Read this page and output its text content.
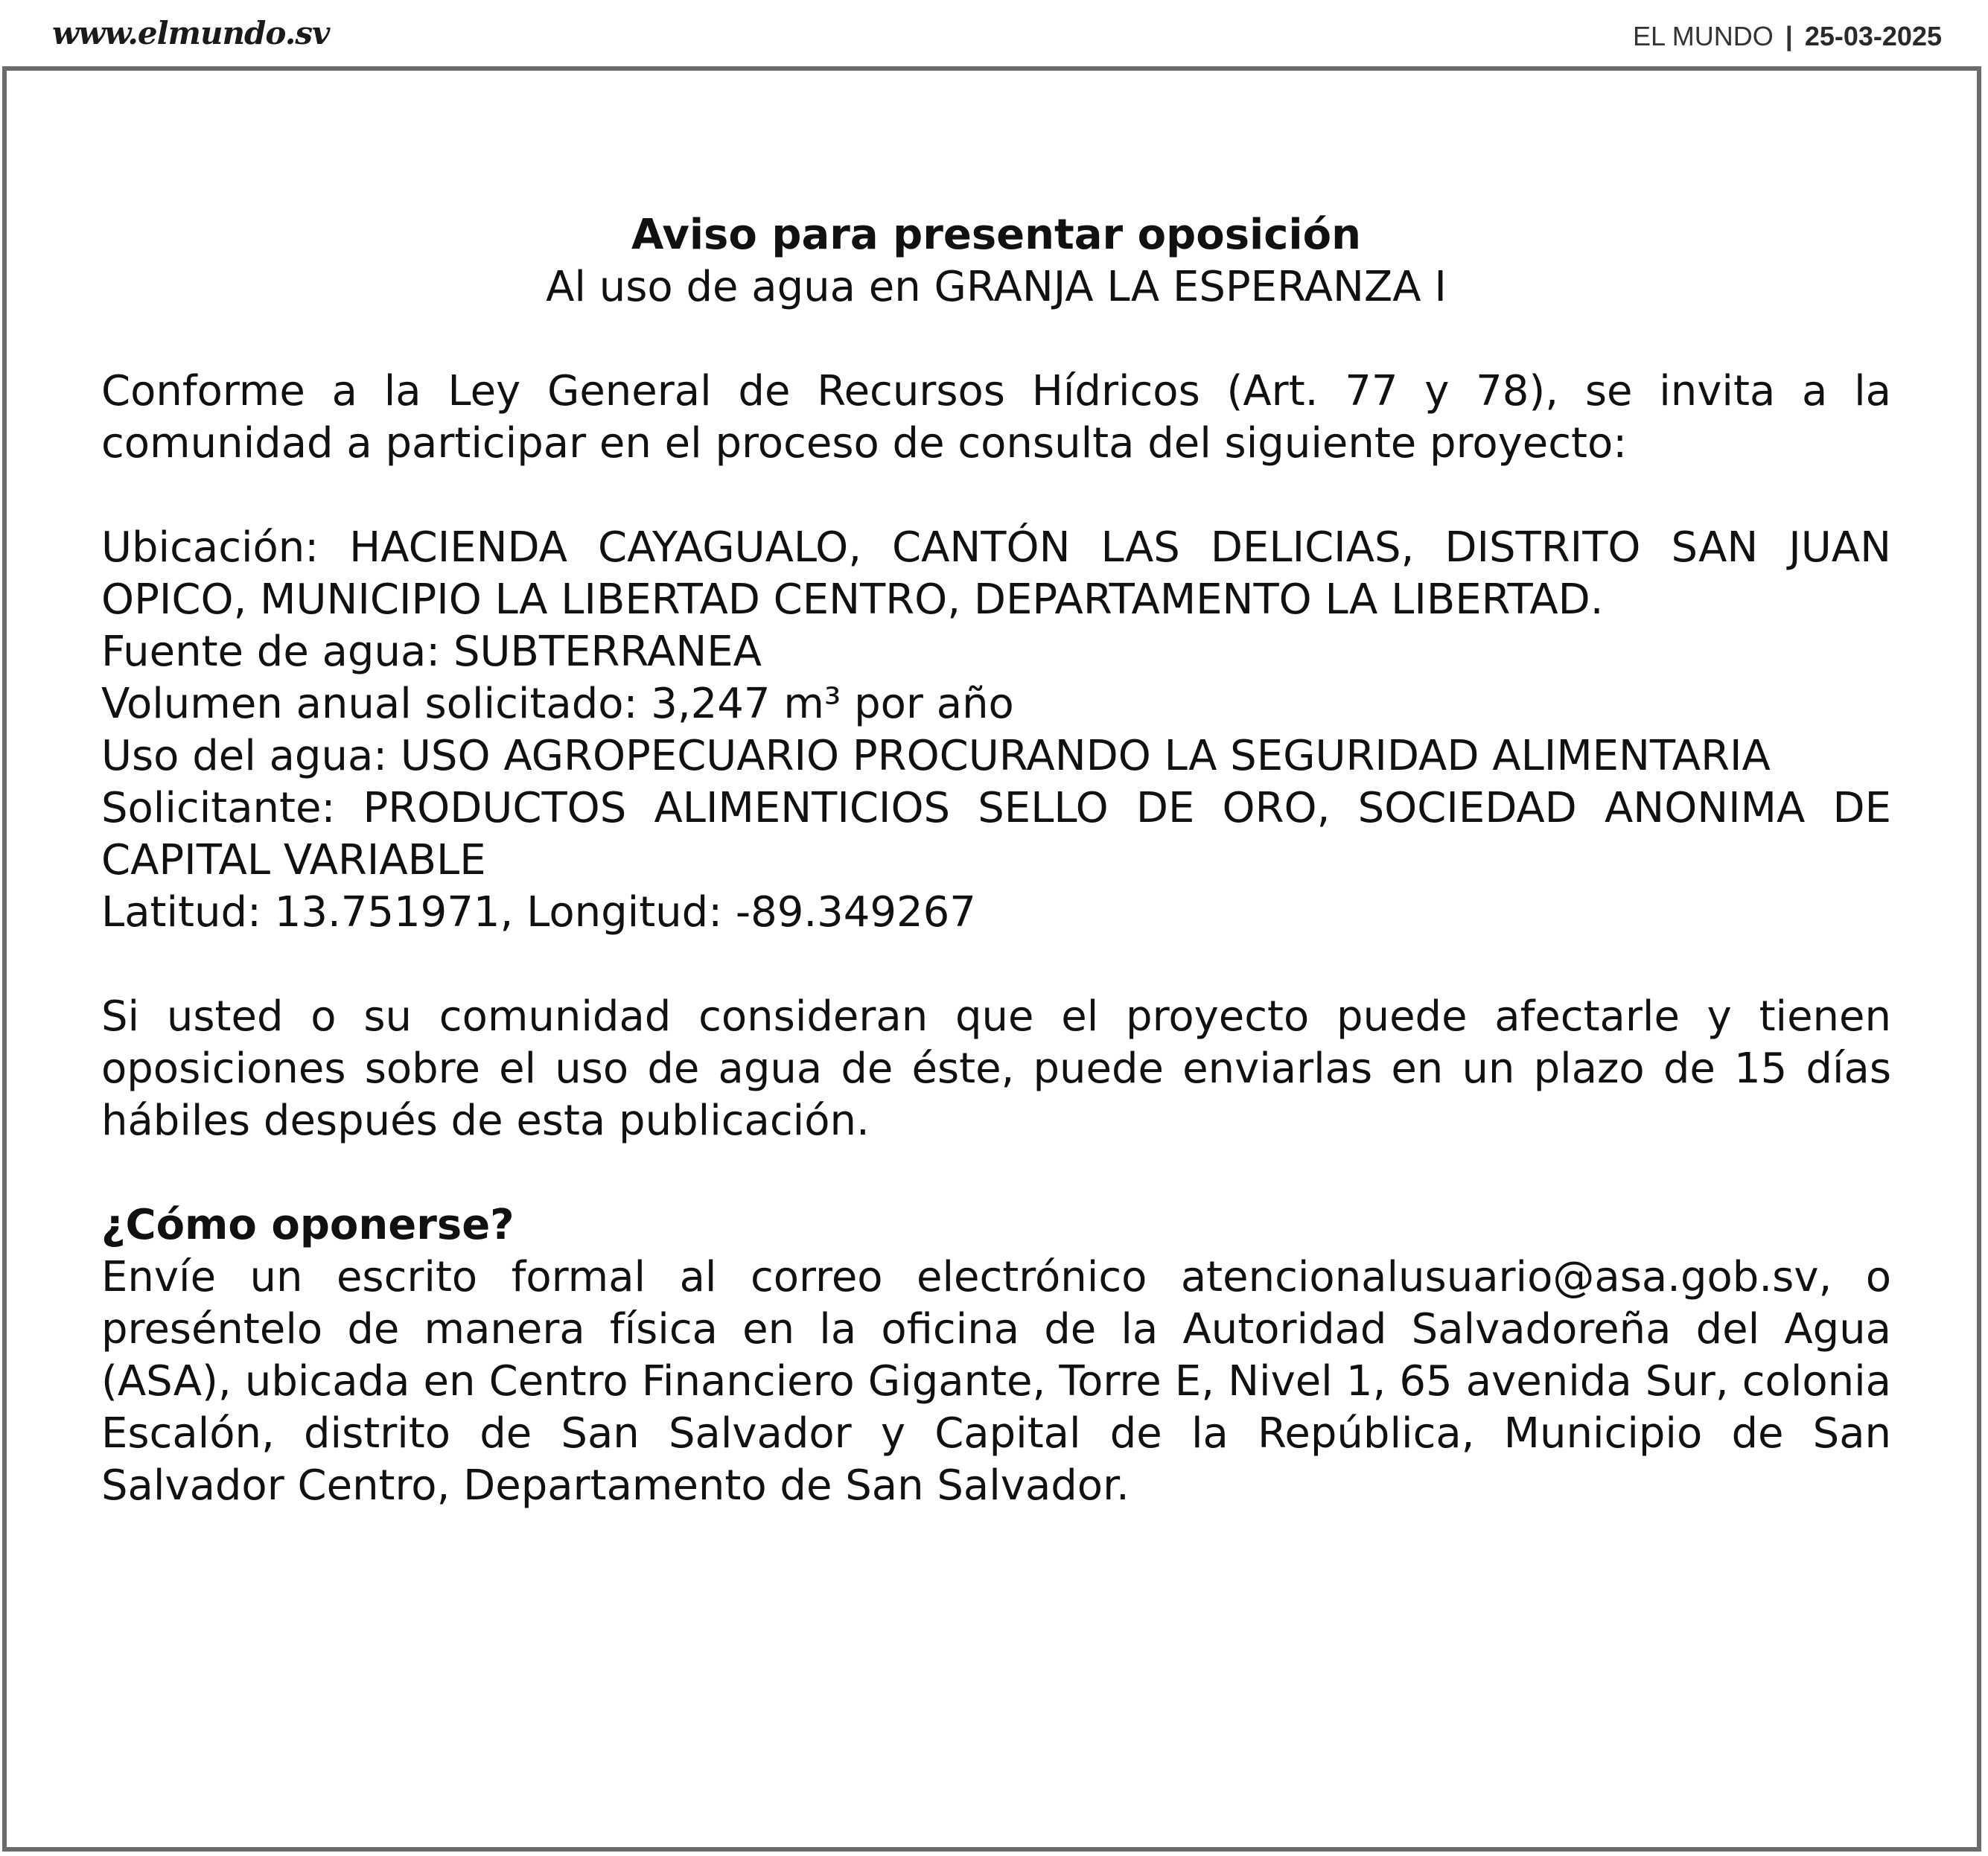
www.elmundo.sv	EL MUNDO | 25-03-2025

Aviso para presentar oposición

Al uso de agua en GRANJA LA ESPERANZA I

Conforme a la Ley General de Recursos Hídricos (Art. 77 y 78), se invita a la comunidad a participar en el proceso de consulta del siguiente proyecto:

Ubicación: HACIENDA CAYAGUALO, CANTÓN LAS DELICIAS, DISTRITO SAN JUAN OPICO, MUNICIPIO LA LIBERTAD CENTRO, DEPARTAMENTO LA LIBERTAD.

Fuente de agua: SUBTERRANEA

Volumen anual solicitado: 3,247 m³ por año

Uso del agua: USO AGROPECUARIO PROCURANDO LA SEGURIDAD ALIMENTARIA

Solicitante: PRODUCTOS ALIMENTICIOS SELLO DE ORO, SOCIEDAD ANONIMA DE CAPITAL VARIABLE

Latitud: 13.751971, Longitud: -89.349267

Si usted o su comunidad consideran que el proyecto puede afectarle y tienen oposiciones sobre el uso de agua de éste, puede enviarlas en un plazo de 15 días hábiles después de esta publicación.

¿Cómo oponerse?

Envíe un escrito formal al correo electrónico atencionalusuario@asa.gob.sv, o preséntelo de manera física en la oficina de la Autoridad Salvadoreña del Agua (ASA), ubicada en Centro Financiero Gigante, Torre E, Nivel 1, 65 avenida Sur, colonia Escalón, distrito de San Salvador y Capital de la República, Municipio de San Salvador Centro, Departamento de San Salvador.
